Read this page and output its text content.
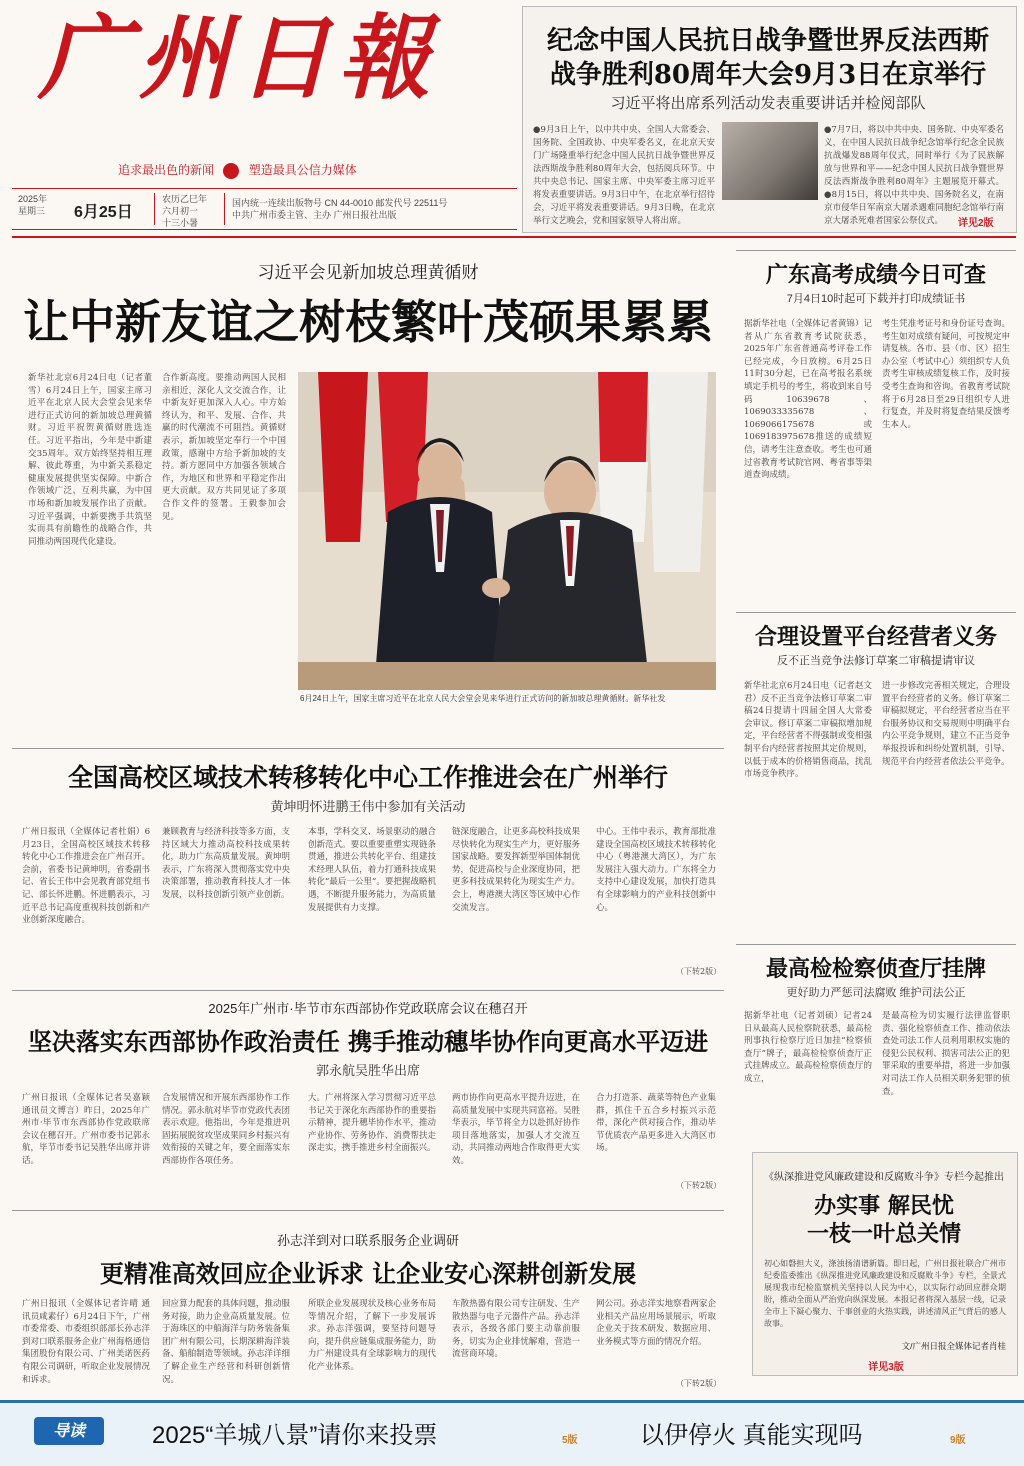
广州日報
追求最出色的新闻	塑造最具公信力媒体
2025年
星期三 6月25日
农历乙巳年
六月初一
十三小暑
国内统一连续出版物号 CN 44-0010 邮发代号 22511号
中共广州市委主管、主办 广州日报社出版
纪念中国人民抗日战争暨世界反法西斯
战争胜利80周年大会9月3日在京举行
习近平将出席系列活动发表重要讲话并检阅部队
●9月3日上午，以中共中央、全国人大常委会、国务院、全国政协、中央军委名义，在北京天安门广场隆重举行纪念中国人民抗日战争暨世界反法西斯战争胜利80周年大会，包括阅兵环节。中共中央总书记、国家主席、中央军委主席习近平将发表重要讲话。9月3日中午，在北京举行招待会，习近平将发表重要讲话。9月3日晚，在北京举行文艺晚会，党和国家领导人将出席。
●7月7日，将以中共中央、国务院、中央军委名义，在中国人民抗日战争纪念馆举行纪念全民族抗战爆发88周年仪式，同时举行《为了民族解放与世界和平——纪念中国人民抗日战争暨世界反法西斯战争胜利80周年》主题展览开幕式。●8月15日，将以中共中央、国务院名义，在南京市侵华日军南京大屠杀遇难同胞纪念馆举行南京大屠杀死难者国家公祭仪式。	详见2版
习近平会见新加坡总理黄循财
让中新友谊之树枝繁叶茂硕果累累
新华社北京6月24日电（记者董雪）6月24日上午，国家主席习近平在北京人民大会堂会见来华进行正式访问的新加坡总理黄循财。习近平祝贺黄循财胜选连任。习近平指出，今年是中新建交35周年。双方始终坚持相互理解、彼此尊重，为中新关系稳定健康发展提供坚实保障。中新合作领域广泛、互利共赢，为中国市场和新加坡发展作出了贡献。习近平强调，中新要携手共筑坚实而具有前瞻性的战略合作，共同推动两国现代化建设。
合作新高度。要推动两国人民相亲相近，深化人文交流合作，让中新友好更加深入人心。中方始终认为，和平、发展、合作、共赢的时代潮流不可阻挡。黄循财表示，新加坡坚定奉行一个中国政策，感谢中方给予新加坡的支持。新方愿同中方加强各领域合作，为地区和世界和平稳定作出更大贡献。双方共同见证了多项合作文件的签署。王毅参加会见。
6月24日上午，国家主席习近平在北京人民大会堂会见来华进行正式访问的新加坡总理黄循财。新华社发
广东高考成绩今日可查
7月4日10时起可下载并打印成绩证书
据新华社电（全媒体记者黄锦）记者从广东省教育考试院获悉，2025年广东省普通高考评卷工作已经完成，今日放榜。6月25日11时30分起，已在高考报名系统填定手机号的考生，将收到来自号码10639678、1069033335678、1069066175678或1069183975678推送的成绩短信，请考生注意查收。考生也可通过省教育考试院官网、粤省事等渠道查询成绩。
考生凭准考证号和身份证号查询。考生如对成绩有疑问，可按规定申请复核。各市、县（市、区）招生办公室（考试中心）须组织专人负责考生审核成绩复核工作，及时接受考生查询和咨询。省教育考试院将于6月28日至29日组织专人进行复查，并及时将复查结果反馈考生本人。
合理设置平台经营者义务
反不正当竞争法修订草案二审稿提请审议
新华社北京6月24日电（记者赵文君）反不正当竞争法修订草案二审稿24日提请十四届全国人大常委会审议。修订草案二审稿拟增加规定，平台经营者不得强制或变相强制平台内经营者按照其定价规则，以低于成本的价格销售商品，扰乱市场竞争秩序。
进一步修改完善相关规定，合理设置平台经营者的义务。修订草案二审稿拟规定，平台经营者应当在平台服务协议和交易规则中明确平台内公平竞争规则，建立不正当竞争举报投诉和纠纷处置机制，引导、规范平台内经营者依法公平竞争。
最高检检察侦查厅挂牌
更好助力严惩司法腐败 维护司法公正
据新华社电（记者刘硕）记者24日从最高人民检察院获悉，最高检刑事执行检察厅近日加挂“检察侦查厅”牌子，最高检检察侦查厅正式挂牌成立。最高检检察侦查厅的成立，
是最高检为切实履行法律监督职责、强化检察侦查工作、推动依法查处司法工作人员利用职权实施的侵犯公民权利、损害司法公正的犯罪采取的重要举措，将进一步加强对司法工作人员相关职务犯罪的侦查。
《纵深推进党风廉政建设和反腐败斗争》专栏今起推出
办实事 解民忧
一枝一叶总关情
初心如磐担大义，涤浊扬清谱新篇。即日起，广州日报社联合广州市纪委监委推出《纵深推进党风廉政建设和反腐败斗争》专栏，全景式展现我市纪检监察机关坚持以人民为中心，以实际行动回应群众期盼，推动全面从严治党向纵深发展。本报记者将深入基层一线，记录全市上下凝心聚力、干事创业的火热实践，讲述清风正气背后的感人故事。
文/广州日报全媒体记者肖桂
详见3版
全国高校区域技术转移转化中心工作推进会在广州举行
黄坤明怀进鹏王伟中参加有关活动
广州日报讯（全媒体记者杜娟）6月23日，全国高校区域技术转移转化中心工作推进会在广州召开。会前，省委书记黄坤明，省委副书记、省长王伟中会见教育部党组书记、部长怀进鹏。怀进鹏表示，习近平总书记高度重视科技创新和产业创新深度融合。
兼顾教育与经济科技等多方面，支持区域大力推动高校科技成果转化，助力广东高质量发展。黄坤明表示，广东将深入贯彻落实党中央决策部署，推动教育科技人才一体发展，以科技创新引领产业创新。
本事，学科交叉、场景驱动的融合创新范式。要以重要重塑实现链条贯通，推进公共转化平台、组建技术经理人队伍，着力打通科技成果转化“最后一公里”。要把握战略机遇，不断提升服务能力，为高质量发展提供有力支撑。
链深度融合，让更多高校科技成果尽快转化为现实生产力，更好服务国家战略。要发挥新型举国体制优势，促进高校与企业深度协同，把更多科技成果转化为现实生产力。会上，粤港澳大湾区等区域中心作交流发言。
中心。王伟中表示，教育部批准建设全国高校区域技术转移转化中心（粤港澳大湾区），为广东发展注入强大动力。广东将全力支持中心建设发展，加快打造具有全球影响力的产业科技创新中心。
（下转2版）
2025年广州市·毕节市东西部协作党政联席会议在穗召开
坚决落实东西部协作政治责任 携手推动穗毕协作向更高水平迈进
郭永航吴胜华出席
广州日报讯（全媒体记者吴嘉颖 通讯员文博言）昨日，2025年广州市·毕节市东西部协作党政联席会议在穗召开。广州市委书记郭永航，毕节市委书记吴胜华出席并讲话。
合发展情况和开展东西部协作工作情况。郭永航对毕节市党政代表团表示欢迎。他指出，今年是推进巩固拓展脱贫攻坚成果同乡村振兴有效衔接的关键之年，要全面落实东西部协作各项任务。
大。广州将深入学习贯彻习近平总书记关于深化东西部协作的重要指示精神，提升穗毕协作水平，推动产业协作、劳务协作、消费帮扶走深走实，携手推进乡村全面振兴。
两市协作向更高水平提升迈进，在高质量发展中实现共同富裕。吴胜华表示，毕节将全力以赴抓好协作项目落地落实，加强人才交流互动，共同推动两地合作取得更大实效。
合力打造茶、蔬菜等特色产业集群，抓住千五合乡村振兴示范带，深化产供对接合作，推动毕节优质农产品更多进入大湾区市场。
（下转2版）
孙志洋到对口联系服务企业调研
更精准高效回应企业诉求 让企业安心深耕创新发展
广州日报讯（全媒体记者许晴 通讯员咸素仔）6月24日下午，广州市委常委、市委组织部部长孙志洋到对口联系服务企业广州海格通信集团股份有限公司、广州美诺医药有限公司调研，听取企业发展情况和诉求。
回应算力配套的具体问题，推动服务对接，助力企业高质量发展。位于海珠区的中船海洋与防务装备集团广州有限公司，长期深耕海洋装备、船舶制造等领域。孙志洋详细了解企业生产经营和科研创新情况。
所联企业发展现状及核心业务布局等情况介绍，了解下一步发展诉求。孙志洋强调，要坚持问题导向，提升供应链集成服务能力，助力广州建设具有全球影响力的现代化产业体系。
车散热器有限公司专注研发、生产散热器与电子元器件产品。孙志洋表示，各级各部门要主动靠前服务，切实为企业排忧解难，营造一流营商环境。
网公司。孙志洋实地察看两家企业相关产品应用场景展示，听取企业关于技术研发、数据应用、业务模式等方面的情况介绍。
（下转2版）
导读	2025“羊城八景”请你来投票	5版	以伊停火 真能实现吗	9版
